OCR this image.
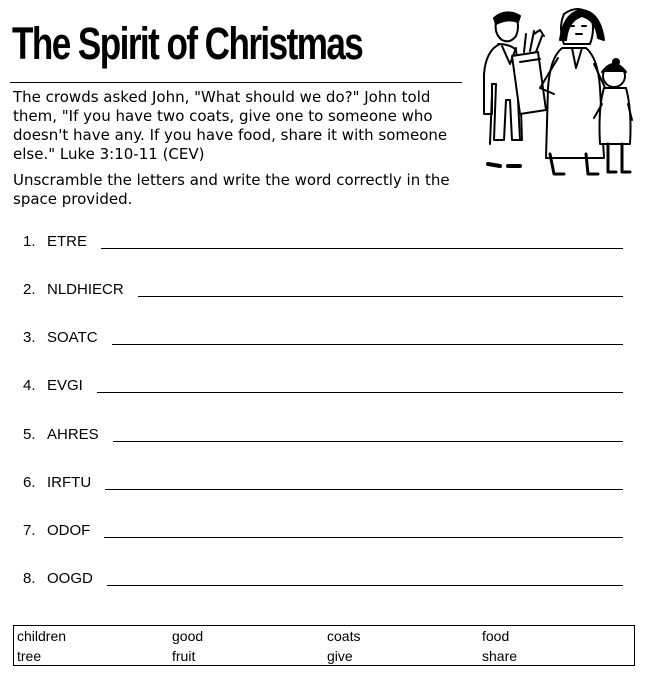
The Spirit of Christmas
The crowds asked John, "What should we do?" John told them, "If you have two coats, give one to someone who doesn't have any. If you have food, share it with someone else." Luke 3:10-11 (CEV)
Unscramble the letters and write the word correctly in the space provided.
1. ETRE
2. NLDHIECR
3. SOATC
4. EVGI
5. AHRES
6. IRFTU
7. ODOF
8. OOGD
children	good	coats	food
tree	fruit	give	share
